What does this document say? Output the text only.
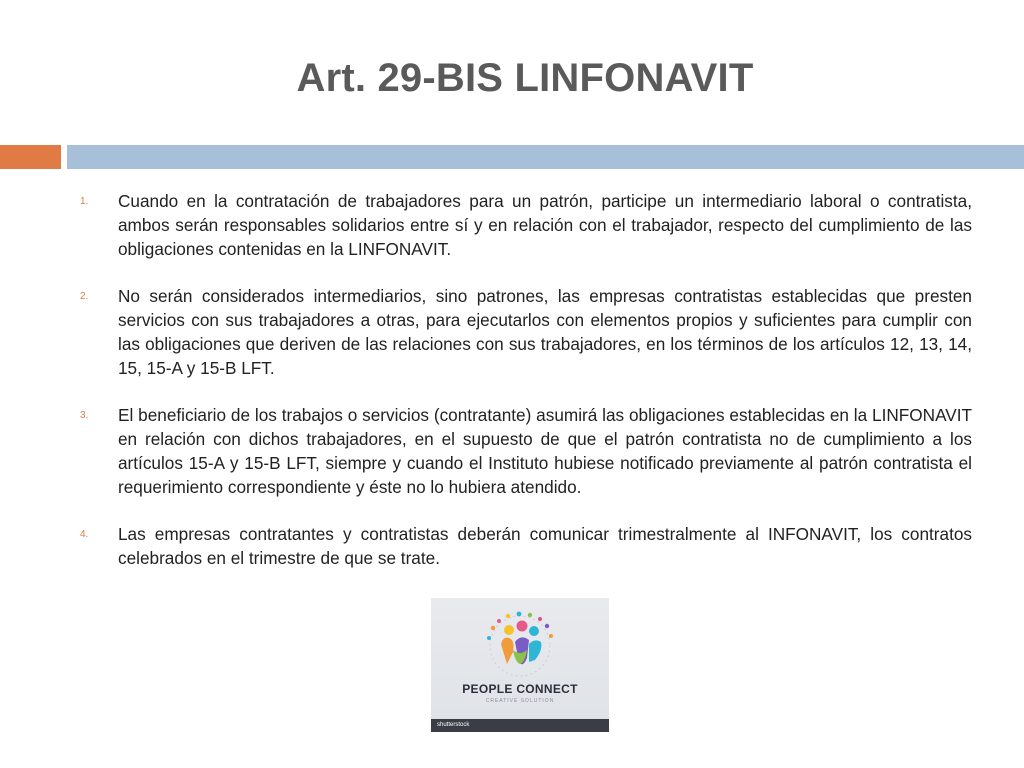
Art. 29-BIS LINFONAVIT
1. Cuando en la contratación de trabajadores para un patrón, participe un intermediario laboral o contratista, ambos serán responsables solidarios entre sí y en relación con el trabajador, respecto del cumplimiento de las obligaciones contenidas en la LINFONAVIT.
2. No serán considerados intermediarios, sino patrones, las empresas contratistas establecidas que presten servicios con sus trabajadores a otras, para ejecutarlos con elementos propios y suficientes para cumplir con las obligaciones que deriven de las relaciones con sus trabajadores, en los términos de los artículos 12, 13, 14, 15, 15-A y 15-B LFT.
3. El beneficiario de los trabajos o servicios (contratante) asumirá las obligaciones establecidas en la LINFONAVIT en relación con dichos trabajadores, en el supuesto de que el patrón contratista no de cumplimiento a los artículos 15-A y 15-B LFT, siempre y cuando el Instituto hubiese notificado previamente al patrón contratista el requerimiento correspondiente y éste no lo hubiera atendido.
4. Las empresas contratantes y contratistas deberán comunicar trimestralmente al INFONAVIT, los contratos celebrados en el trimestre de que se trate.
PEOPLE CONNECT
CREATIVE SOLUTION
shutterstock
